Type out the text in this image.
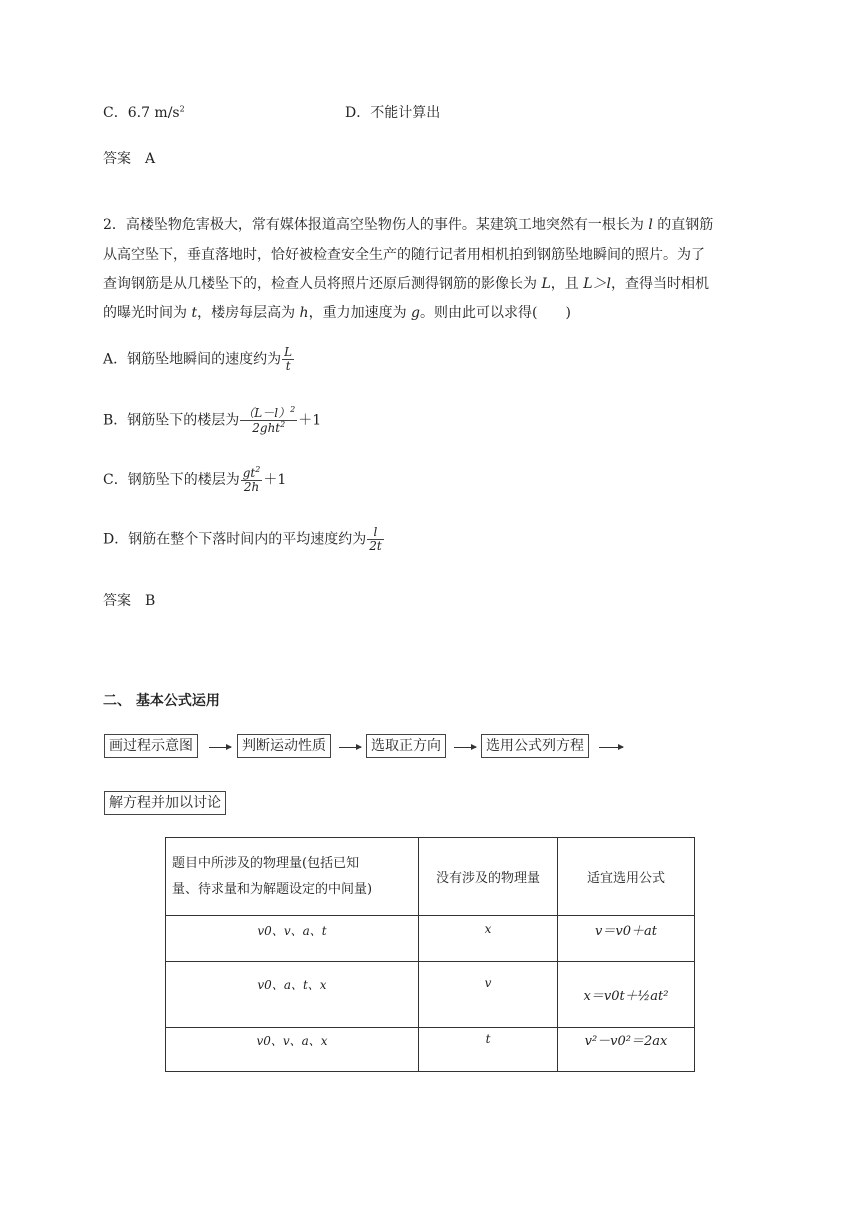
C．6.7 $m/s^2$	D．不能计算出
答案　 A
2．高楼坠物危害极大，常有媒体报道高空坠物伤人的事件。某建筑工地突然有一根长为 l 的直钢筋
从高空坠下，垂直落地时，恰好被检查安全生产的随行记者用相机拍到钢筋坠地瞬间的照片。为了
查询钢筋是从几楼坠下的，检查人员将照片还原后测得钢筋的影像长为 L，且 L＞l，查得当时相机
的曝光时间为 t，楼房每层高为 h，重力加速度为 g。则由此可以求得(　　)
A．钢筋坠地瞬间的速度约为 $\frac{L}{t}$
B．钢筋坠下的楼层为 $\frac{(L-l)^2}{2ght^2} +1$
C．钢筋坠下的楼层为 $\frac{gt^2}{2h} +1$
D．钢筋在整个下落时间内的平均速度约为 $\frac{l}{2t}$
答案　 B
二、 基本公式运用
画过程示意图	判断运动性质	选取正方向	选用公式列方程
解方程并加以讨论
题目中所涉及的物理量(包括已知
量、待求量和为解题设定的中间量)	没有涉及的物理量	适宜选用公式
v0、v、a、t	x	v＝v0＋at
v0、a、t、x	v	x＝v0t＋½at²
v0、v、a、x	t	v²－v0²＝2ax
